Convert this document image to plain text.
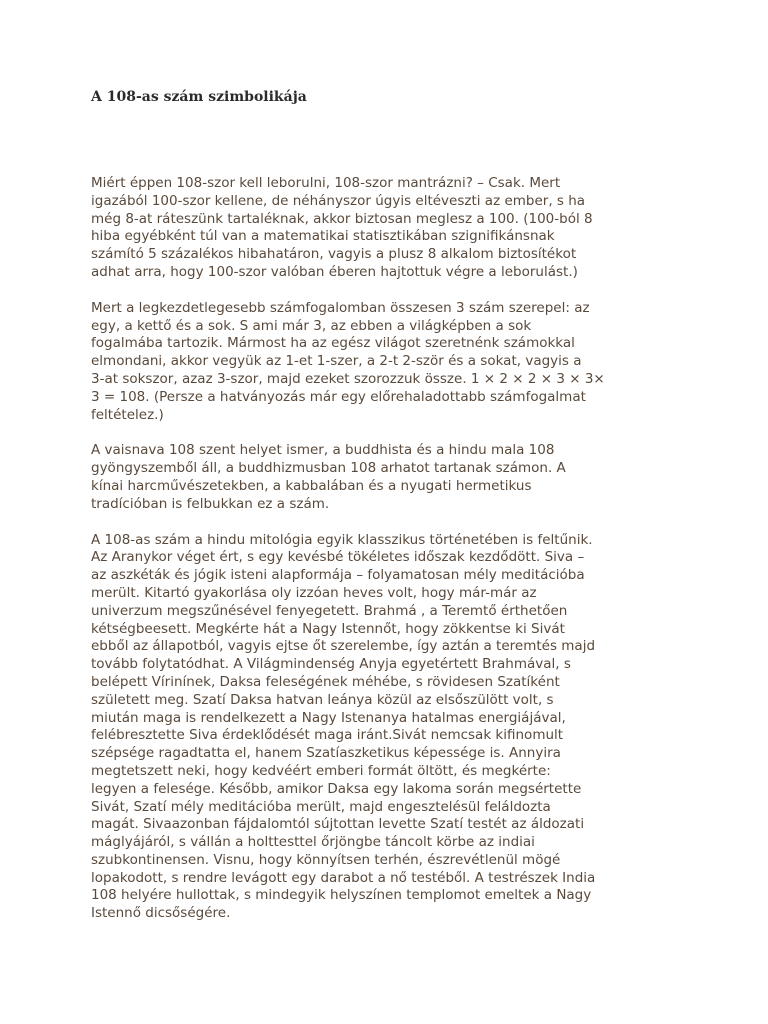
A 108-as szám szimbolikája

Miért éppen 108-szor kell leborulni, 108-szor mantrázni? – Csak. Mert
igazából 100-szor kellene, de néhányszor úgyis eltéveszti az ember, s ha
még 8-at ráteszünk tartaléknak, akkor biztosan meglesz a 100. (100-ból 8
hiba egyébként túl van a matematikai statisztikában szignifikánsnak
számító 5 százalékos hibahatáron, vagyis a plusz 8 alkalom biztosítékot
adhat arra, hogy 100-szor valóban éberen hajtottuk végre a leborulást.)

Mert a legkezdetlegesebb számfogalomban összesen 3 szám szerepel: az
egy, a kettő és a sok. S ami már 3, az ebben a világképben a sok
fogalmába tartozik. Mármost ha az egész világot szeretnénk számokkal
elmondani, akkor vegyük az 1-et 1-szer, a 2-t 2-ször és a sokat, vagyis a
3-at sokszor, azaz 3-szor, majd ezeket szorozzuk össze. 1 × 2 × 2 × 3 × 3×
3 = 108. (Persze a hatványozás már egy előrehaladottabb számfogalmat
feltételez.)

A vaisnava 108 szent helyet ismer, a buddhista és a hindu mala 108
gyöngyszemből áll, a buddhizmusban 108 arhatot tartanak számon. A
kínai harcművészetekben, a kabbalában és a nyugati hermetikus
tradícióban is felbukkan ez a szám.

A 108-as szám a hindu mitológia egyik klasszikus történetében is feltűnik.
Az Aranykor véget ért, s egy kevésbé tökéletes időszak kezdődött. Siva –
az aszkéták és jógik isteni alapformája – folyamatosan mély meditációba
merült. Kitartó gyakorlása oly izzóan heves volt, hogy már-már az
univerzum megszűnésével fenyegetett. Brahmá , a Teremtő érthetően
kétségbeesett. Megkérte hát a Nagy Istennőt, hogy zökkentse ki Sivát
ebből az állapotból, vagyis ejtse őt szerelembe, így aztán a teremtés majd
tovább folytatódhat. A Világmindenség Anyja egyetértett Brahmával, s
belépett Vírinínek, Daksa feleségének méhébe, s rövidesen Szatíként
született meg. Szatí Daksa hatvan leánya közül az elsőszülött volt, s
miután maga is rendelkezett a Nagy Istenanya hatalmas energiájával,
felébresztette Siva érdeklődését maga iránt.Sivát nemcsak kifinomult
szépsége ragadtatta el, hanem Szatíaszketikus képessége is. Annyira
megtetszett neki, hogy kedvéért emberi formát öltött, és megkérte:
legyen a felesége. Később, amikor Daksa egy lakoma során megsértette
Sivát, Szatí mély meditációba merült, majd engesztelésül feláldozta
magát. Sivaazonban fájdalomtól sújtottan levette Szatí testét az áldozati
máglyájáról, s vállán a holttesttel őrjöngbe táncolt körbe az indiai
szubkontinensen. Visnu, hogy könnyítsen terhén, észrevétlenül mögé
lopakodott, s rendre levágott egy darabot a nő testéből. A testrészek India
108 helyére hullottak, s mindegyik helyszínen templomot emeltek a Nagy
Istennő dicsőségére.
